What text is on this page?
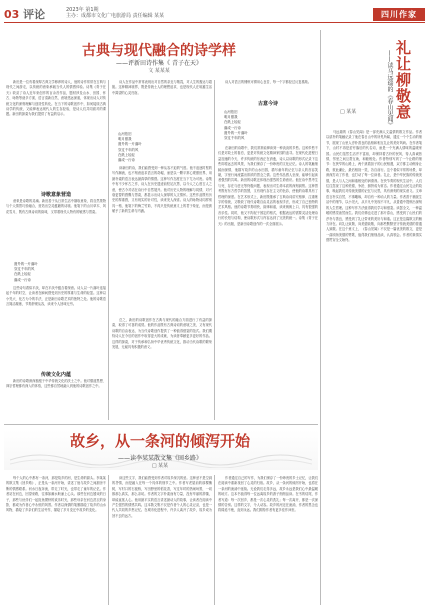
03 评论	2023年 第1期
主办：成都市文化广电旅游局 责任编辑 某某	四川作家
古典与现代融合的诗学样
——评新田诗作集《 青子在天》
文 某某某	礼让柳敬意
——读马远瑞的《春山见闻》
□ 某某

新田是一位有着深厚古典文学修养的诗人，他的诗作常常在古典与现代之间游走，以传统的意象承载当代人的情感体验。诗集《青子在天》收录了诗人近年来创作的百余首作品，题材涉及山水、田园、怀古、咏物等诸多方面，语言清新自然，意境悠远深邃，体现出诗人对传统文化的深刻理解与创造性转化。在当下的诗歌创作中，如何接续古典诗学的传统，又能够表达现代人的生存经验，是诗人们共同面对的课题。新田的探索为我们提供了有益的启示。

诗歌意象营造

意象是诗歌的灵魂。新田善于从日常生活中撷取意象，将自然景物与个人情思巧妙融合，营造出空灵蕴藉的诗境。他笔下的山川草木、风花雪月，既有古典诗词的韵味，又带着现代人特有的敏感与思索。

窗外的一片落叶
穿过千年的风
在纸上轻轻
落成一行诗

这些诗句看似平淡，却在平淡中蕴含着深意。诗人以一片落叶连接起千年的时空，让读者在瞬间感受到历史的厚重与生命的轻盈。这种以小见大、化古为今的手法，正是新田诗歌艺术的独特之处。他的诗歌语言简洁凝练，节奏舒缓从容，读来令人回味无穷。

传统文化内蕴

新田的诗歌深深植根于中华传统文化的沃土之中。他对儒道思想、禅宗哲理都有深入的体悟，这些都自然地融入到他的诗歌创作之中。

诗人在作品中常常表现出对自然的亲近与敬畏，对人生的豁达与超脱。这种精神境界，既是传统士人的理想追求，也是现代人在喧嚣生活中渴望的心灵归宿。

山河依旧
明月照我
窗外的一片落叶
穿过千年的风
在纸上轻轻
落成一行诗

读新田的诗，我们能感受到一种从容不迫的气度。他不追逐时髦的写作潮流，也不刻意追求语言的奇崛，而是以一颗平常心观照世界，用最朴素的语言表达最真挚的情感。这种写作态度在当下尤为可贵。诗集中有不少怀古之作，诗人在历史遗迹前驻足沉思，以今人之心度古人之意，使古今对话在诗行中自然展开。他对历史人物的理解与同情，对兴衰更替的感慨与思索，都显示出诗人深厚的人文情怀。这些作品既有历史的厚重感，又有现实的针对性，读来发人深省。诗人的咏物诗同样别具一格，他笔下的梅兰竹菊，不再只是传统意义上的君子象征，而是被赋予了新的生命与内涵。

总之，新田的诗歌创作在古典与现代的融合方面进行了有益的探索，取得了可喜的成绩。他的作品既有古典诗词的意境之美，又有现代诗歌的自由表达，为当代诗歌创作提供了一种值得借鉴的范式。我们期待诗人在今后的创作中取得更大的成就，为读者奉献更多更好的作品。这样的探索，对于传承和弘扬中华优秀传统文化，推动当代诗歌的繁荣发展，无疑具有积极的意义。

古意今诗

诗人对语言的锤炼可谓用心良苦，每一个字都经过反复推敲。

山河依旧
明月照我
在纸上轻轻
落成一行诗
窗外的一片落叶
穿过千年的风

在新田的诗歌中，我们常常能够读到一种淡淡的乡愁。这种乡愁不仅是对故土的眷恋，更是对传统文化精神家园的追寻。在现代化进程日益加速的今天，许多传统的东西正在消逝，诗人以诗歌的形式记录下这些即将远去的风景，为我们保存了一份珍贵的文化记忆。诗人的笔触细腻而深情，他描写故乡的山水田园，描写童年的记忆与亲人的音容笑貌，字里行间流露出浓浓的思念之情。这些作品感人至深，能够引起读者强烈的共鸣。新田的诗歌还体现出强烈的生命意识。他在诗中思考生与死、存在与虚无等终极问题，表现出对生命本质的深刻洞察。这种思考既有东方哲学的智慧，又有现代存在主义的色彩，使他的诗歌具有了哲理的深度。在艺术形式上，新田既继承了古典诗词讲究格律、注重炼字的传统，又吸收了现代诗歌自由灵活的表现手法，形成了自己独特的艺术风格。他的诗歌节奏明快，韵律和谐，读来朗朗上口，具有很强的音乐性。同时，他又不拘泥于固定的格式，根据表达的需要灵活处理诗行的长短与结构，使诗歌形式与内容达到了完美的统一。诗集《青子在天》的出版，是新田诗歌创作的一次全面展示。

马远瑞的《春山见闻》是一部充满人文温情的散文作品。作者以质朴的笔触记录了他在春日山中的所见所闻，通过一个个生动的细节，展现了山里人淳朴善良的品格和相互礼让的美好风尚。在作者笔下，山村不再是贫穷落后的代名词，而是一个充满人情味的温暖家园。山民们虽然生活并不富裕，却保持着古朴的民风，待人真诚热情，邻里之间互帮互助，和睦相处。作者特别写到了一个让路的细节：在狭窄的山路上，两个挑着担子的山民相遇，双方都主动侧身让路，彼此谦让，最后相视一笑，各自前行。这个看似平常的场景，却深深打动了作者，也打动了每一位读者。礼让，是中华民族的传统美德，是人与人之间和谐相处的润滑剂。在快节奏的现代生活中，人们往往忽视了这种美德，争抢、拥挤成为常态。作者通过山民礼让的故事，唤起我们对传统美德的记忆与反思，具有深刻的现实意义。文章语言朴实自然，不事雕琢，却自有一种动人的力量。作者善于捕捉生活中的细节，以小见大，从平凡中发现不平凡，从普通中提炼出深刻的人生哲理。这种写作方法值得我们学习和借鉴。读罢全文，一种温暖的感觉油然而生。我们仿佛也走进了那片春山，感受到了山民们的淳朴与善良，感受到了礼让带来的美好与和谐。这正是这篇散文的魅力所在。向礼让致敬，向美德致敬，向那些默默坚守传统美德的普通人致敬。在这个意义上，《春山见闻》不仅是一篇优美的散文，更是一曲颂扬美德的赞歌，值得我们细细品读，认真领会。作者的真情实感贯穿全文始终。

故乡，从一条河的倾泻开始
——读李某某散文集《回乡路》
□ 某某

每个人的心中都有一条河，那是故乡的河，是生命的源头。李某某的散文集《回乡路》，正是从一条河开始，讲述了他与故乡之间割舍不断的情感联系。河水日夜奔流，带走了时光，也带走了童年的记忆。作者站在河边，回望来路，往事如潮水般涌上心头。那些在河边嬉戏的日子，那些与伙伴们一起捉鱼摸虾的欢乐时光，那些母亲在河边洗衣的身影，都成为作者心中永恒的风景。作者以深情的笔墨描绘了故乡的山水风物，描绘了乡亲们的生活劳作，描绘了岁月变迁中故乡的变化。

读这些文字，我们能感受到作者对故乡深沉的爱。这种爱不是空洞的抒情，而是融入在每一个具体的细节之中。作者写老屋前的那棵槐树，写村口的石板桥，写田野里的稻花香，写过年时的热闹场景，一切都那么真实，那么亲切。作者的文字朴素而有力量，没有华丽的辞藻，却能直抵人心。他用最平实的语言讲述最动人的故事，让读者在阅读中产生强烈的情感共鸣。这本散文集不仅是作者个人的心灵记录，也是一代人共同的乡愁记忆。在城市化进程中，许多人离开了故乡，故乡成为回不去的远方。

作者通过自己的写作，为我们保存了一份珍贵的乡土记忆，让我们在阅读中重新找回了心灵的归宿。故乡，从一条河的倾泻开始，也将在一条河的流淌中延续。无论我们走得多远，故乡永远是我们心中最温暖的地方。这本书值得每一位远离故乡的游子细细品读。在书的结尾，作者写道：每一次回乡，都是一次心灵的洗礼；每一次离开，都是一次深情的告别。这样的文字，令人动容。故乡的河还在流淌，作者的思念也将绵延不绝，直到永远。我们期待作者有更多佳作问世。
